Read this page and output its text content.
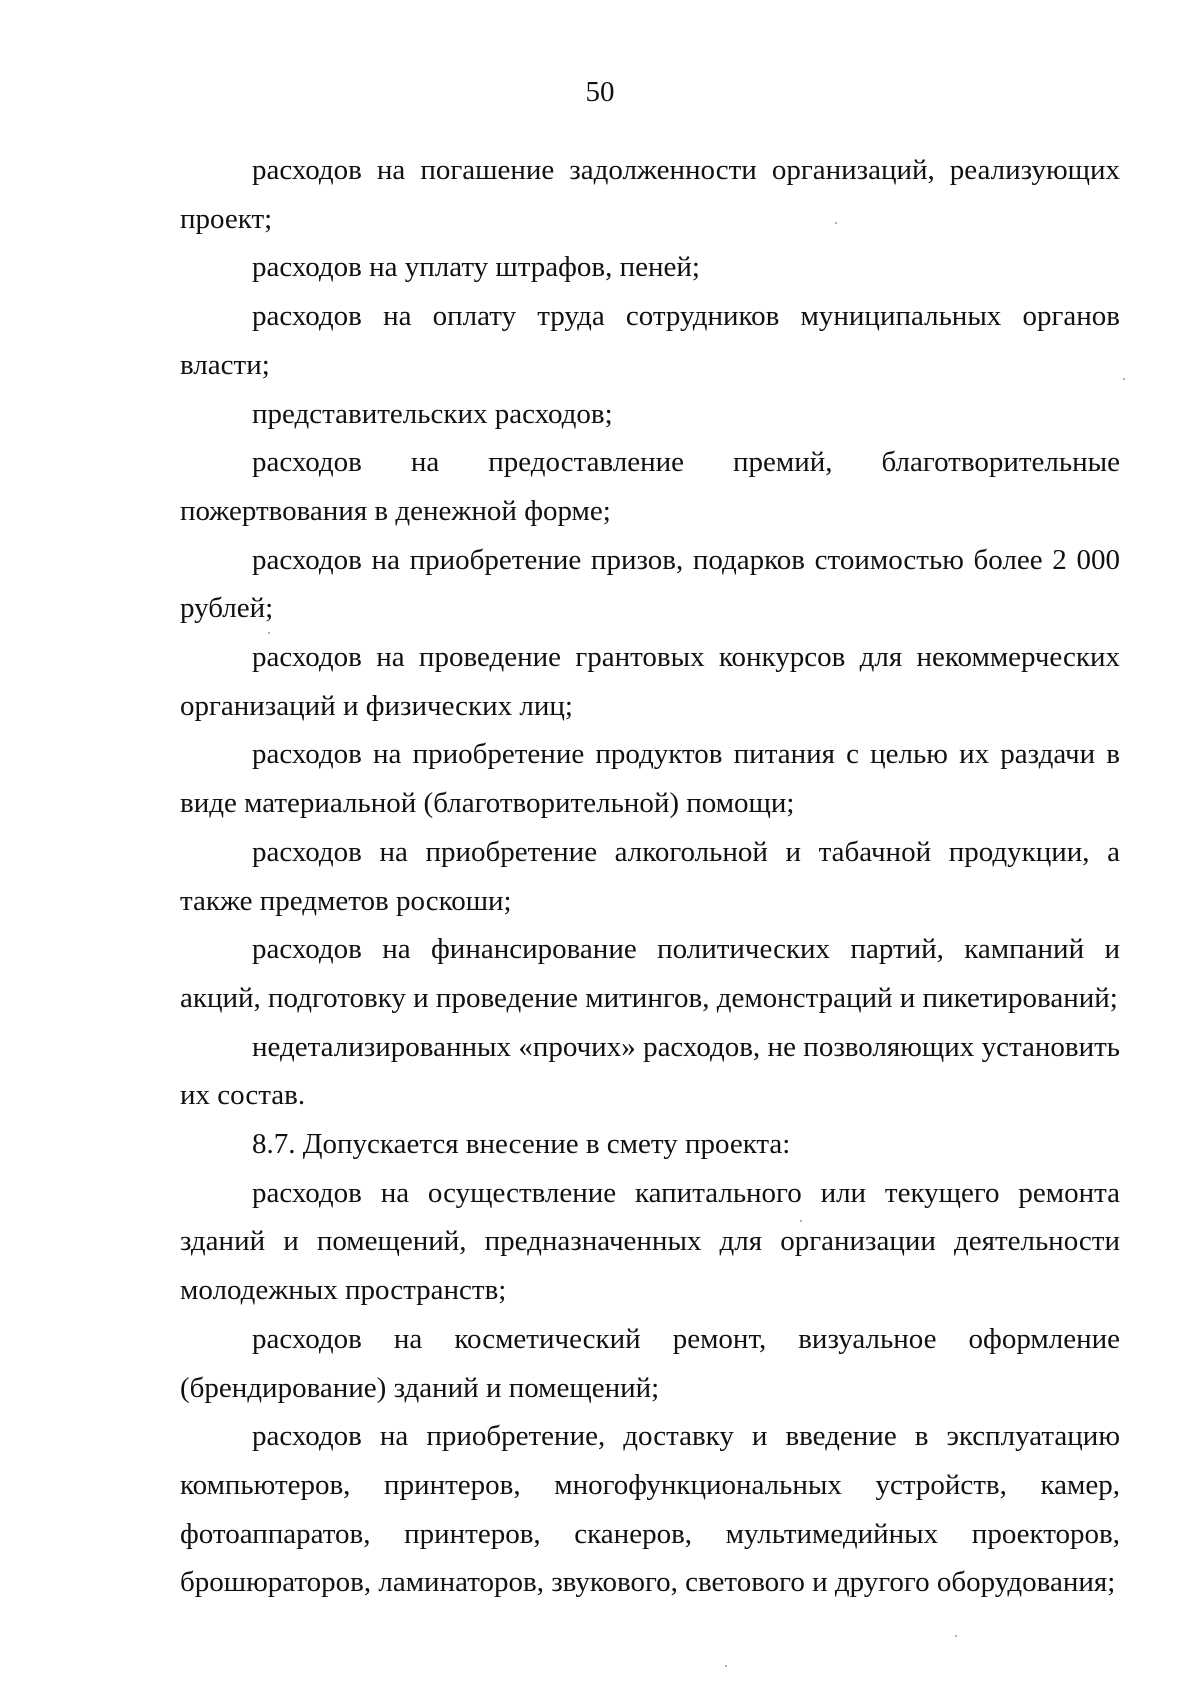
50

расходов на погашение задолженности организаций, реализующих проект;

расходов на уплату штрафов, пеней;

расходов на оплату труда сотрудников муниципальных органов власти;

представительских расходов;

расходов на предоставление премий, благотворительные пожертвования в денежной форме;

расходов на приобретение призов, подарков стоимостью более 2 000 рублей;

расходов на проведение грантовых конкурсов для некоммерческих организаций и физических лиц;

расходов на приобретение продуктов питания с целью их раздачи в виде материальной (благотворительной) помощи;

расходов на приобретение алкогольной и табачной продукции, а также предметов роскоши;

расходов на финансирование политических партий, кампаний и акций, подготовку и проведение митингов, демонстраций и пикетирований;

недетализированных «прочих» расходов, не позволяющих установить их состав.

8.7. Допускается внесение в смету проекта:

расходов на осуществление капитального или текущего ремонта зданий и помещений, предназначенных для организации деятельности молодежных пространств;

расходов на косметический ремонт, визуальное оформление (брендирование) зданий и помещений;

расходов на приобретение, доставку и введение в эксплуатацию компьютеров, принтеров, многофункциональных устройств, камер, фотоаппаратов, принтеров, сканеров, мультимедийных проекторов, брошюраторов, ламинаторов, звукового, светового и другого оборудования;
